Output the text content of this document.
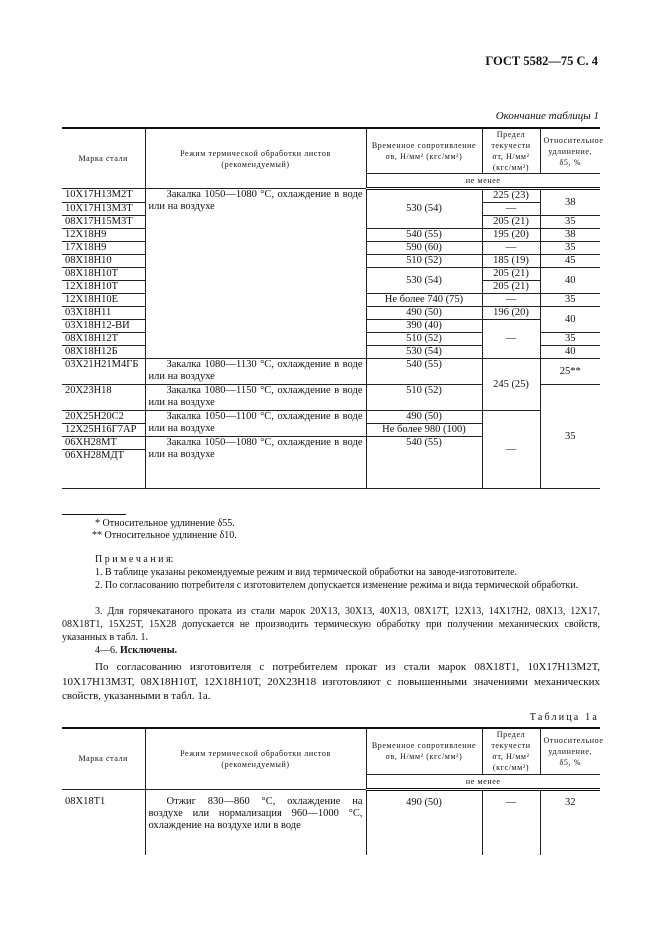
ГОСТ 5582—75 С. 4
Окончание таблицы 1
Марка стали	Режим термической обработки листов (рекомендуемый)	Временное сопротивление σв, Н/мм² (кгс/мм²)	Предел текучести σт, Н/мм² (кгс/мм²)	Относительное удлинение, δ5, %
		не менее		
10Х17Н13М2Т	Закалка 1050—1080 °С, охлаждение в воде или на воздухе	530 (54)	225 (23)	38
10Х17Н13М3Т			—	
08Х17Н15М3Т			205 (21)	35
12Х18Н9		540 (55)	195 (20)	38
17Х18Н9		590 (60)	—	35
08Х18Н10		510 (52)	185 (19)	45
08Х18Н10Т		530 (54)	205 (21)	40
12Х18Н10Т			205 (21)	
12Х18Н10Е		Не более 740 (75)	—	35
03Х18Н11		490 (50)	196 (20)	40
03Х18Н12-ВИ		390 (40)	—	
08Х18Н12Т		510 (52)		35
08Х18Н12Б		530 (54)		40
03Х21Н21М4ГБ	Закалка 1080—1130 °С, охлаждение в воде или на воздухе	540 (55)	245 (25)	25**

20Х23Н18	Закалка 1080—1150 °С, охлаждение в воде или на воздухе	510 (52)		35

20Х25Н20С2	Закалка 1050—1100 °С, охлаждение в воде или на воздухе	490 (50)	—	
12Х25Н16Г7АР		Не более 980 (100)		
06ХН28МТ	Закалка 1050—1080 °С, охлаждение в воде или на воздухе	540 (55)		
06ХН28МДТ				

* Относительное удлинение δ55.
** Относительное удлинение δ10.
П р и м е ч а н и я:
1. В таблице указаны рекомендуемые режим и вид термической обработки на заводе-изготовителе.
2. По согласованию потребителя с изготовителем допускается изменение режима и вида термической обработки.
3. Для горячекатаного проката из стали марок 20Х13, 30Х13, 40Х13, 08Х17Т, 12Х13, 14Х17Н2, 08Х13, 12Х17, 08Х18Т1, 15Х25Т, 15Х28 допускается не производить термическую обработку при получении механических свойств, указанных в табл. 1.
4—6. Исключены.
По согласованию изготовителя с потребителем прокат из стали марок 08Х18Т1, 10Х17Н13М2Т, 10Х17Н13М3Т, 08Х18Н10Т, 12Х18Н10Т, 20Х23Н18 изготовляют с повышенными значениями механических свойств, указанными в табл. 1а.
Таблица 1а
Марка стали	Режим термической обработки листов (рекомендуемый)	Временное сопротивление σв, Н/мм² (кгс/мм²)	Предел текучести σт, Н/мм² (кгс/мм²)	Относительное удлинение, δ5, %
		не менее		
08Х18Т1	Отжиг 830—860 °С, охлаждение на воздухе или нормализация 960—1000 °С, охлаждение на воздухе или в воде	490 (50)	—	32
